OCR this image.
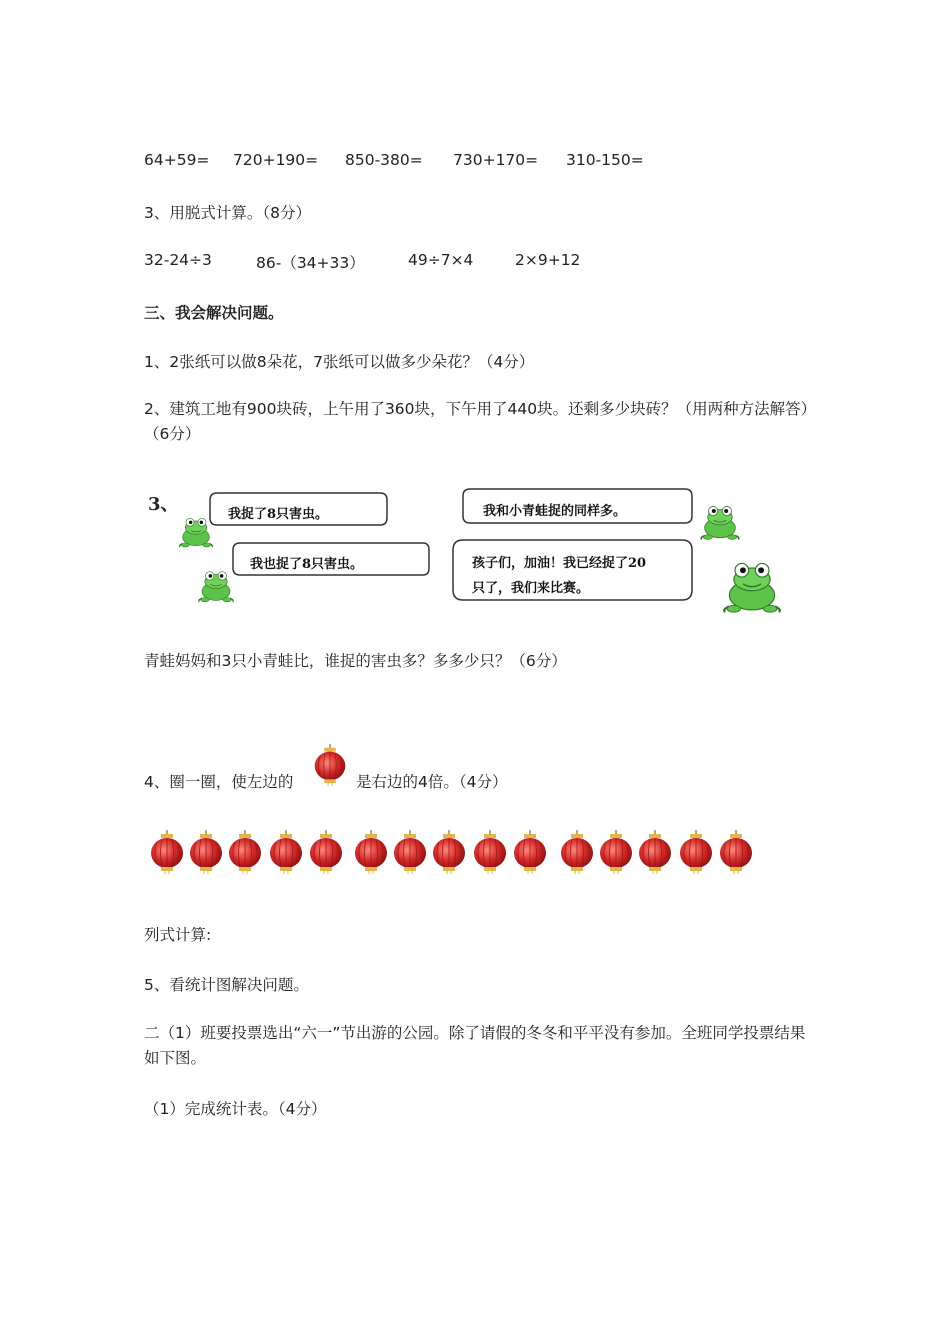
64+59= 720+190= 850-380= 730+170= 310-150=
3、用脱式计算。（8分）
32-24÷3	86-（34+33）	49÷7×4	2×9+12
三、我会解决问题。
1、2张纸可以做8朵花，7张纸可以做多少朵花？（4分）
2、建筑工地有900块砖，上午用了360块，下午用了440块。还剩多少块砖？（用两种方法解答）（6分）
3、	我捉了8只害虫。
我也捉了8只害虫。
我和小青蛙捉的同样多。
孩子们，加油！我已经捉了20
只了，我们来比赛。
青蛙妈妈和3只小青蛙比，谁捉的害虫多？多多少只？（6分）
4、圈一圈，使左边的	是右边的4倍。（4分）
列式计算:
5、看统计图解决问题。
二（1）班要投票选出“六一”节出游的公园。除了请假的冬冬和平平没有参加。全班同学投票结果如下图。
（1）完成统计表。（4分）
